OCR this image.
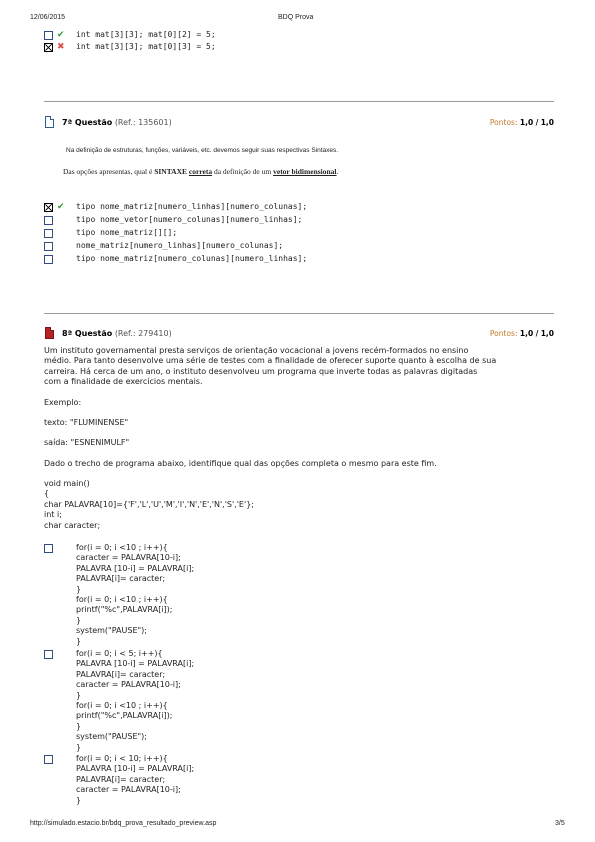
12/06/2015	BDQ Prova
http://simulado.estacio.br/bdq_prova_resultado_preview.asp	3/5
✔ int mat[3][3]; mat[0][2] = 5;
✖ int mat[3][3]; mat[0][3] = 5;
7ª Questão (Ref.: 135601)	Pontos: 1,0 / 1,0
Na definição de estruturas, funções, variáveis, etc. devemos seguir suas respectivas Sintaxes.
Das opções apresentas, qual é SINTAXE correta da definição de um vetor bidimensional.
✔ tipo nome_matriz[numero_linhas][numero_colunas];
tipo nome_vetor[numero_colunas][numero_linhas];
tipo nome_matriz[][];
nome_matriz[numero_linhas][numero_colunas];
tipo nome_matriz[numero_colunas][numero_linhas];
8ª Questão (Ref.: 279410)	Pontos: 1,0 / 1,0
Um instituto governamental presta serviços de orientação vocacional a jovens recém-formados no ensino
médio. Para tanto desenvolve uma série de testes com a finalidade de oferecer suporte quanto à escolha de sua
carreira. Há cerca de um ano, o instituto desenvolveu um programa que inverte todas as palavras digitadas
com a finalidade de exercícios mentais.
Exemplo:
texto: "FLUMINENSE"
saída: "ESNENIMULF"
Dado o trecho de programa abaixo, identifique qual das opções completa o mesmo para este fim.
void main()
{
char PALAVRA[10]={'F','L','U','M','I','N','E','N','S','E'};
int i;
char caracter;
for(i = 0; i <10 ; i++){
caracter = PALAVRA[10-i];
PALAVRA [10-i] = PALAVRA[i];
PALAVRA[i]= caracter;
}
for(i = 0; i <10 ; i++){
printf("%c",PALAVRA[i]);
}
system("PAUSE");
}
for(i = 0; i < 5; i++){
PALAVRA [10-i] = PALAVRA[i];
PALAVRA[i]= caracter;
caracter = PALAVRA[10-i];
}
for(i = 0; i <10 ; i++){
printf("%c",PALAVRA[i]);
}
system("PAUSE");
}
for(i = 0; i < 10; i++){
PALAVRA [10-i] = PALAVRA[i];
PALAVRA[i]= caracter;
caracter = PALAVRA[10-i];
}
